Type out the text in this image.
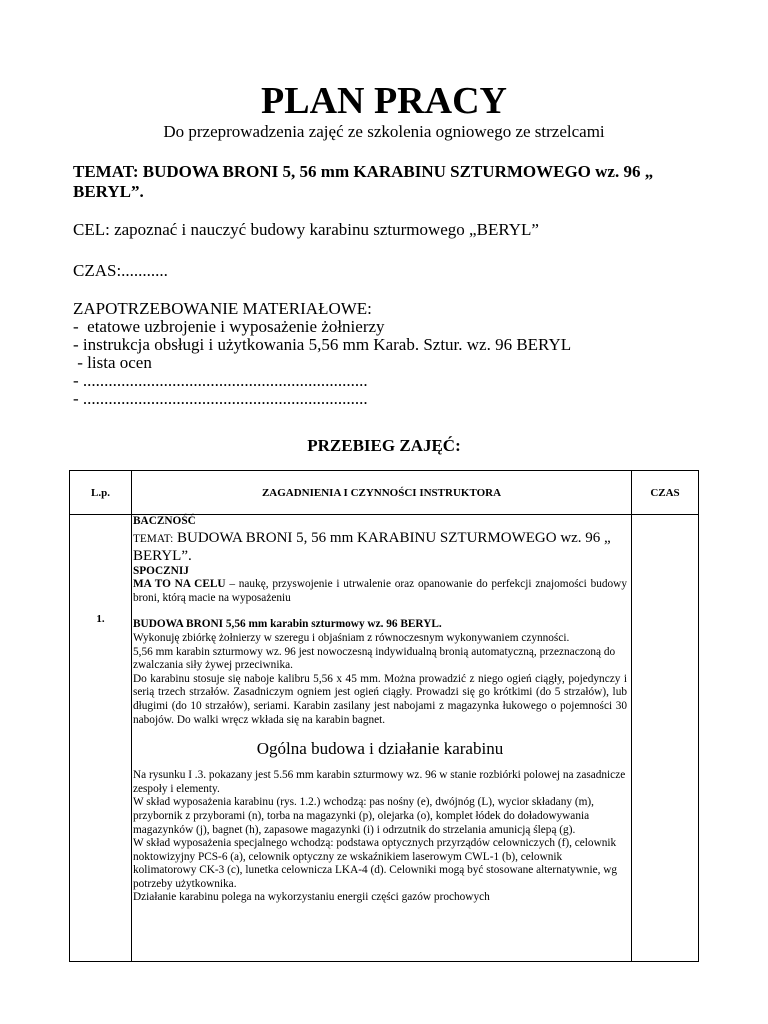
PLAN PRACY
Do przeprowadzenia zajęć ze szkolenia ogniowego ze strzelcami
TEMAT: BUDOWA BRONI 5, 56 mm KARABINU SZTURMOWEGO wz. 96 „ BERYL”.
CEL: zapoznać i nauczyć budowy karabinu szturmowego „BERYL”
CZAS:...........
ZAPOTRZEBOWANIE MATERIAŁOWE:
-  etatowe uzbrojenie i wyposażenie żołnierzy
- instrukcja obsługi i użytkowania 5,56 mm Karab. Sztur. wz. 96 BERYL
- lista ocen
- ...................................................................
- ...................................................................
PRZEBIEG ZAJĘĆ:
L.p.	ZAGADNIENIA I CZYNNOŚCI INSTRUKTORA	CZAS
1.

BACZNOŚĆ

TEMAT: BUDOWA BRONI 5, 56 mm KARABINU SZTURMOWEGO wz. 96 „ BERYL”.

SPOCZNIJ

MA TO NA CELU – naukę, przyswojenie i utrwalenie oraz opanowanie do perfekcji znajomości budowy broni, którą macie na wyposażeniu

BUDOWA BRONI 5,56 mm karabin szturmowy wz. 96 BERYL.

Wykonuję zbiórkę żołnierzy w szeregu i objaśniam z równoczesnym wykonywaniem czynności.

5,56 mm karabin szturmowy wz. 96 jest nowoczesną indywidualną bronią automatyczną, przeznaczoną do zwalczania siły żywej przeciwnika.

Do karabinu stosuje się naboje kalibru 5,56 x 45 mm. Można prowadzić z niego ogień ciągły, pojedynczy i serią trzech strzałów. Zasadniczym ogniem jest ogień ciągły. Prowadzi się go krótkimi (do 5 strzałów), lub długimi (do 10 strzałów), seriami. Karabin zasilany jest nabojami z magazynka łukowego o pojemności 30 nabojów. Do walki wręcz wkłada się na karabin bagnet.

Ogólna budowa i działanie karabinu

Na rysunku I .3. pokazany jest 5.56 mm karabin szturmowy wz. 96 w stanie rozbiórki polowej na zasadnicze zespoły i elementy.

W skład wyposażenia karabinu (rys. 1.2.) wchodzą: pas nośny (e), dwójnóg (L), wycior składany (m), przybornik z przyborami (n), torba na magazynki (p), olejarka (o), komplet łódek do doładowywania magazynków (j), bagnet (h), zapasowe magazynki (i) i odrzutnik do strzelania amunicją ślepą (g).

W skład wyposażenia specjalnego wchodzą: podstawa optycznych przyrządów celowniczych (f), celownik noktowizyjny PCS-6 (a), celownik optyczny ze wskaźnikiem laserowym CWL-1 (b), celownik kolimatorowy CK-3 (c), lunetka celownicza LKA-4 (d). Celowniki mogą być stosowane alternatywnie, wg potrzeby użytkownika.

Działanie karabinu polega na wykorzystaniu energii części gazów prochowych
